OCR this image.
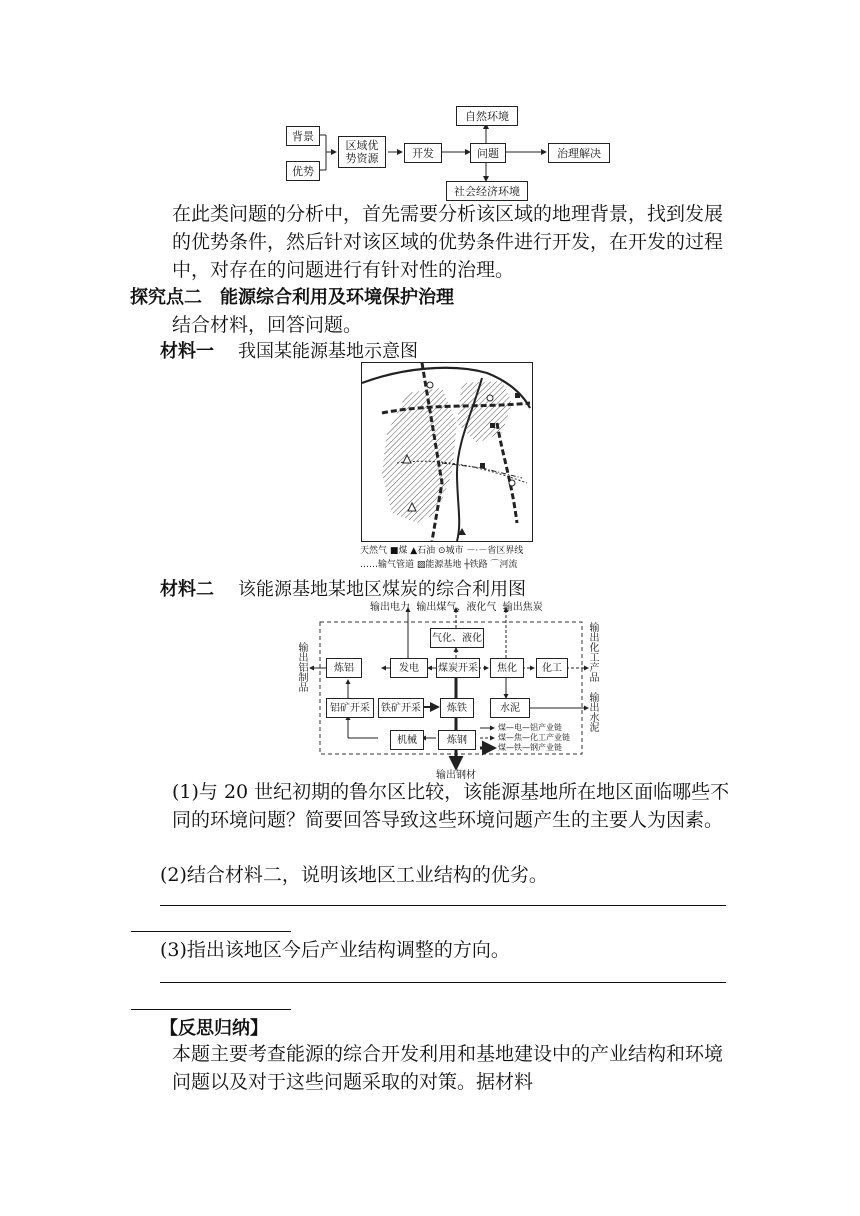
背景
优势
区域优势资源	开发	问题
自然环境
社会经济环境
治理解决
在此类问题的分析中，首先需要分析该区域的地理背景，找到发展的优势条件，然后针对该区域的优势条件进行开发，在开发的过程中，对存在的问题进行有针对性的治理。
探究点二　能源综合利用及环境保护治理
结合材料，回答问题。
材料一 我国某能源基地示意图
天然气 ■煤 ▲石油 ⊙城市 －·－省区界线
……输气管道 ▨能源基地 ┼铁路 ⌒河流
材料二 该能源基地某地区煤炭的综合利用图
输出电力  输出煤气、液化气  输出焦炭
输出铝制品	输出化工产品
输出水泥
输出钢材
炼铝	发电	煤炭开采	焦化	化工
气化、液化
铝矿开采	铁矿开采	炼铁	水泥
机械	炼钢
煤—电—铝产业链
煤—焦—化工产业链
煤—铁—钢产业链
(1)与 20 世纪初期的鲁尔区比较，该能源基地所在地区面临哪些不同的环境问题？简要回答导致这些环境问题产生的主要人为因素。
(2)结合材料二，说明该地区工业结构的优劣。
(3)指出该地区今后产业结构调整的方向。
【反思归纳】
本题主要考查能源的综合开发利用和基地建设中的产业结构和环境问题以及对于这些问题采取的对策。据材料
